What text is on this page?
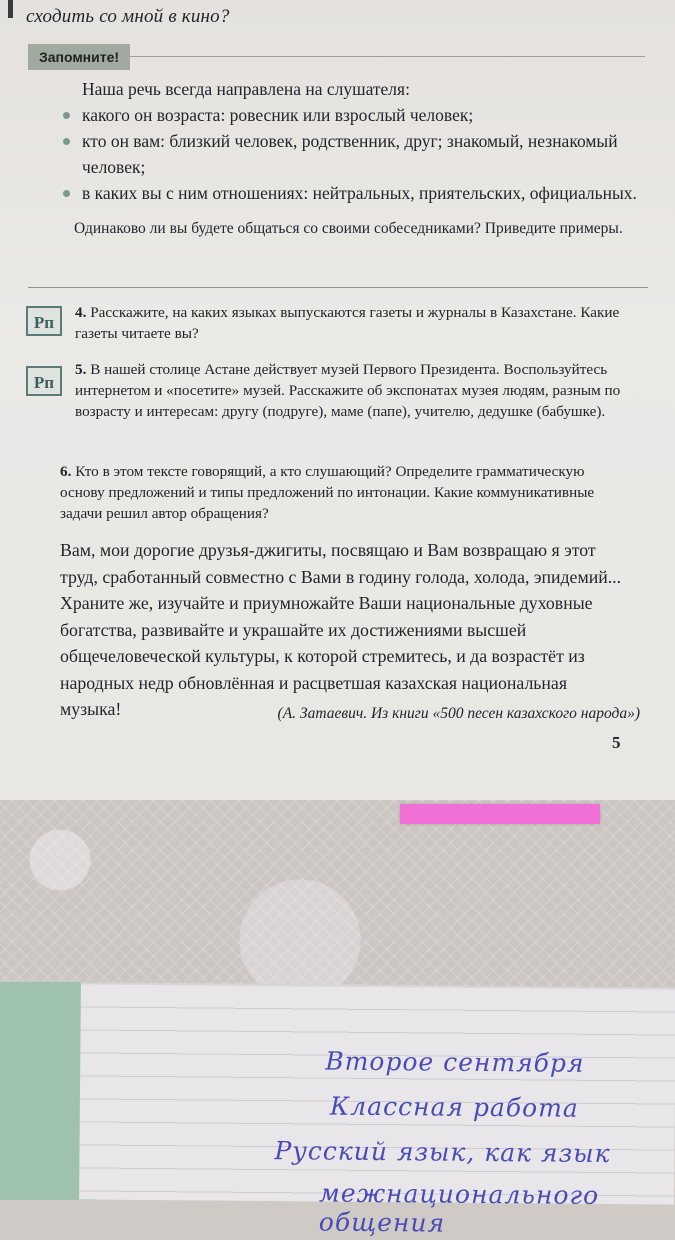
сходить со мной в кино?
Запомните!

Наша речь всегда направлена на слушателя:

какого он возраста: ровесник или взрослый человек;
кто он вам: близкий человек, родственник, друг; знакомый, незнакомый человек;
в каких вы с ним отношениях: нейтральных, приятельских, официальных.

Одинаково ли вы будете общаться со своими собеседниками? Приведите примеры.

Рп
4. Расскажите, на каких языках выпускаются газеты и журналы в Казахстане. Какие газеты читаете вы?
Рп
5. В нашей столице Астане действует музей Первого Президента. Воспользуйтесь интернетом и «посетите» музей. Расскажите об экспонатах музея людям, разным по возрасту и интересам: другу (подруге), маме (папе), учителю, дедушке (бабушке).
6. Кто в этом тексте говорящий, а кто слушающий? Определите грамматическую основу предложений и типы предложений по интонации. Какие коммуникативные задачи решил автор обращения?
Вам, мои дорогие друзья-джигиты, посвящаю и Вам возвращаю я этот труд, сработанный совместно с Вами в годину голода, холода, эпидемий... Храните же, изучайте и приумножайте Ваши национальные духовные богатства, развивайте и украшайте их достижениями высшей общечеловеческой культуры, к которой стремитесь, и да возрастёт из народных недр обновлённая и расцветшая казахская национальная музыка!	(А. Затаевич. Из книги «500 песен казахского народа»)
5
Второе сентября
Классная работа
Русский язык, как язык
межнационального общения
